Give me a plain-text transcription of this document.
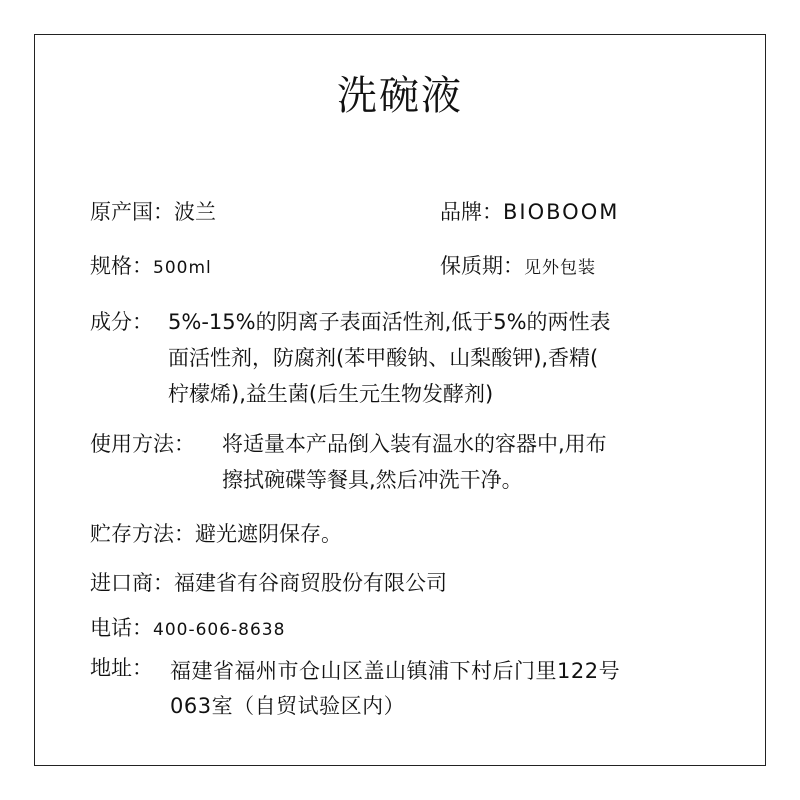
洗碗液
原产国：波兰	品牌：BIOBOOM
规格：500ml	保质期：见外包装
成分： 5%-15%的阴离子表面活性剂,低于5%的两性表
面活性剂，防腐剂(苯甲酸钠、山梨酸钾),香精(
柠檬烯),益生菌(后生元生物发酵剂)
使用方法： 将适量本产品倒入装有温水的容器中,用布
擦拭碗碟等餐具,然后冲洗干净。
贮存方法：避光遮阴保存。
进口商：福建省有谷商贸股份有限公司
电话：400-606-8638
地址： 福建省福州市仓山区盖山镇浦下村后门里122号
063室（自贸试验区内）
